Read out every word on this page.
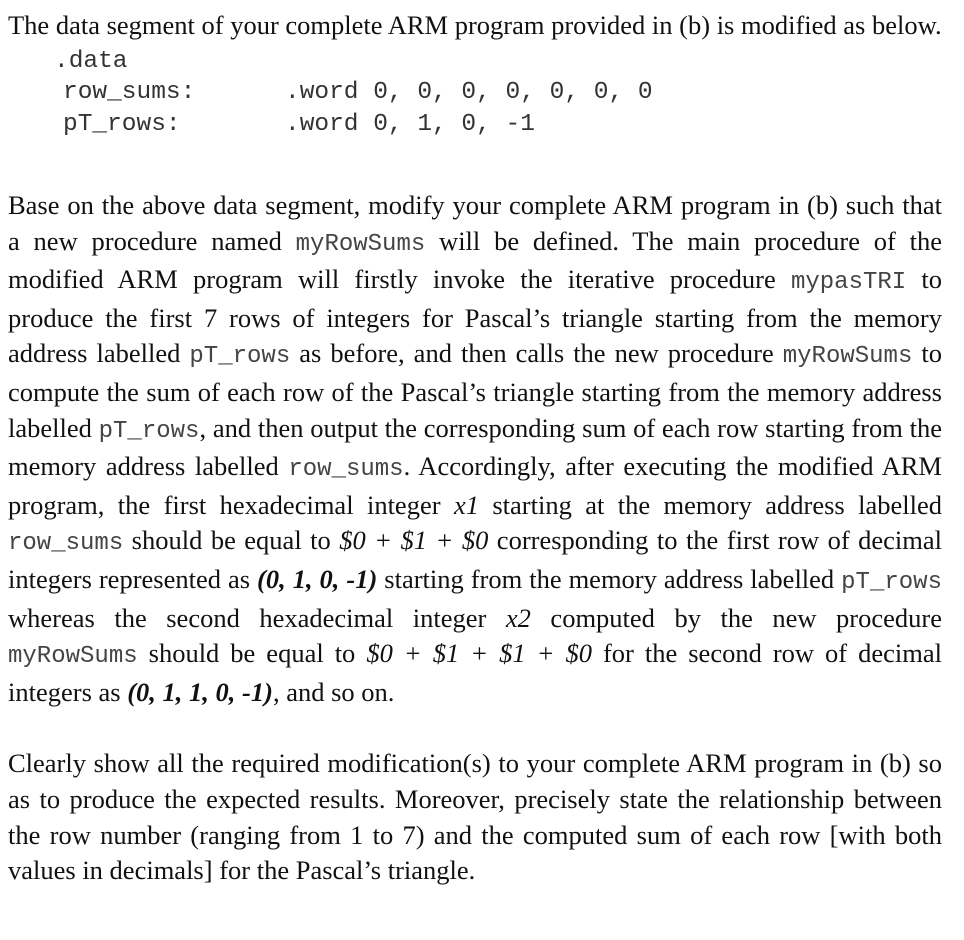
The data segment of your complete ARM program provided in (b) is modified as below.

.data
row_sums:	.word 0, 0, 0, 0, 0, 0, 0
pT_rows:	.word 0, 1, 0, -1

Base on the above data segment, modify your complete ARM program in (b) such that a new procedure named myRowSums will be defined. The main procedure of the modified ARM program will firstly invoke the iterative procedure mypasTRI to produce the first 7 rows of integers for Pascal’s triangle starting from the memory address labelled pT_rows as before, and then calls the new procedure myRowSums to compute the sum of each row of the Pascal’s triangle starting from the memory address labelled pT_rows, and then output the corresponding sum of each row starting from the memory address labelled row_sums. Accordingly, after executing the modified ARM program, the first hexadecimal integer x1 starting at the memory address labelled row_sums should be equal to $0 + $1 + $0 corresponding to the first row of decimal integers represented as (0, 1, 0, -1) starting from the memory address labelled pT_rows whereas the second hexadecimal integer x2 computed by the new procedure myRowSums should be equal to $0 + $1 + $1 + $0 for the second row of decimal integers as (0, 1, 1, 0, -1), and so on.

Clearly show all the required modification(s) to your complete ARM program in (b) so as to produce the expected results. Moreover, precisely state the relationship between the row number (ranging from 1 to 7) and the computed sum of each row [with both values in decimals] for the Pascal’s triangle.
